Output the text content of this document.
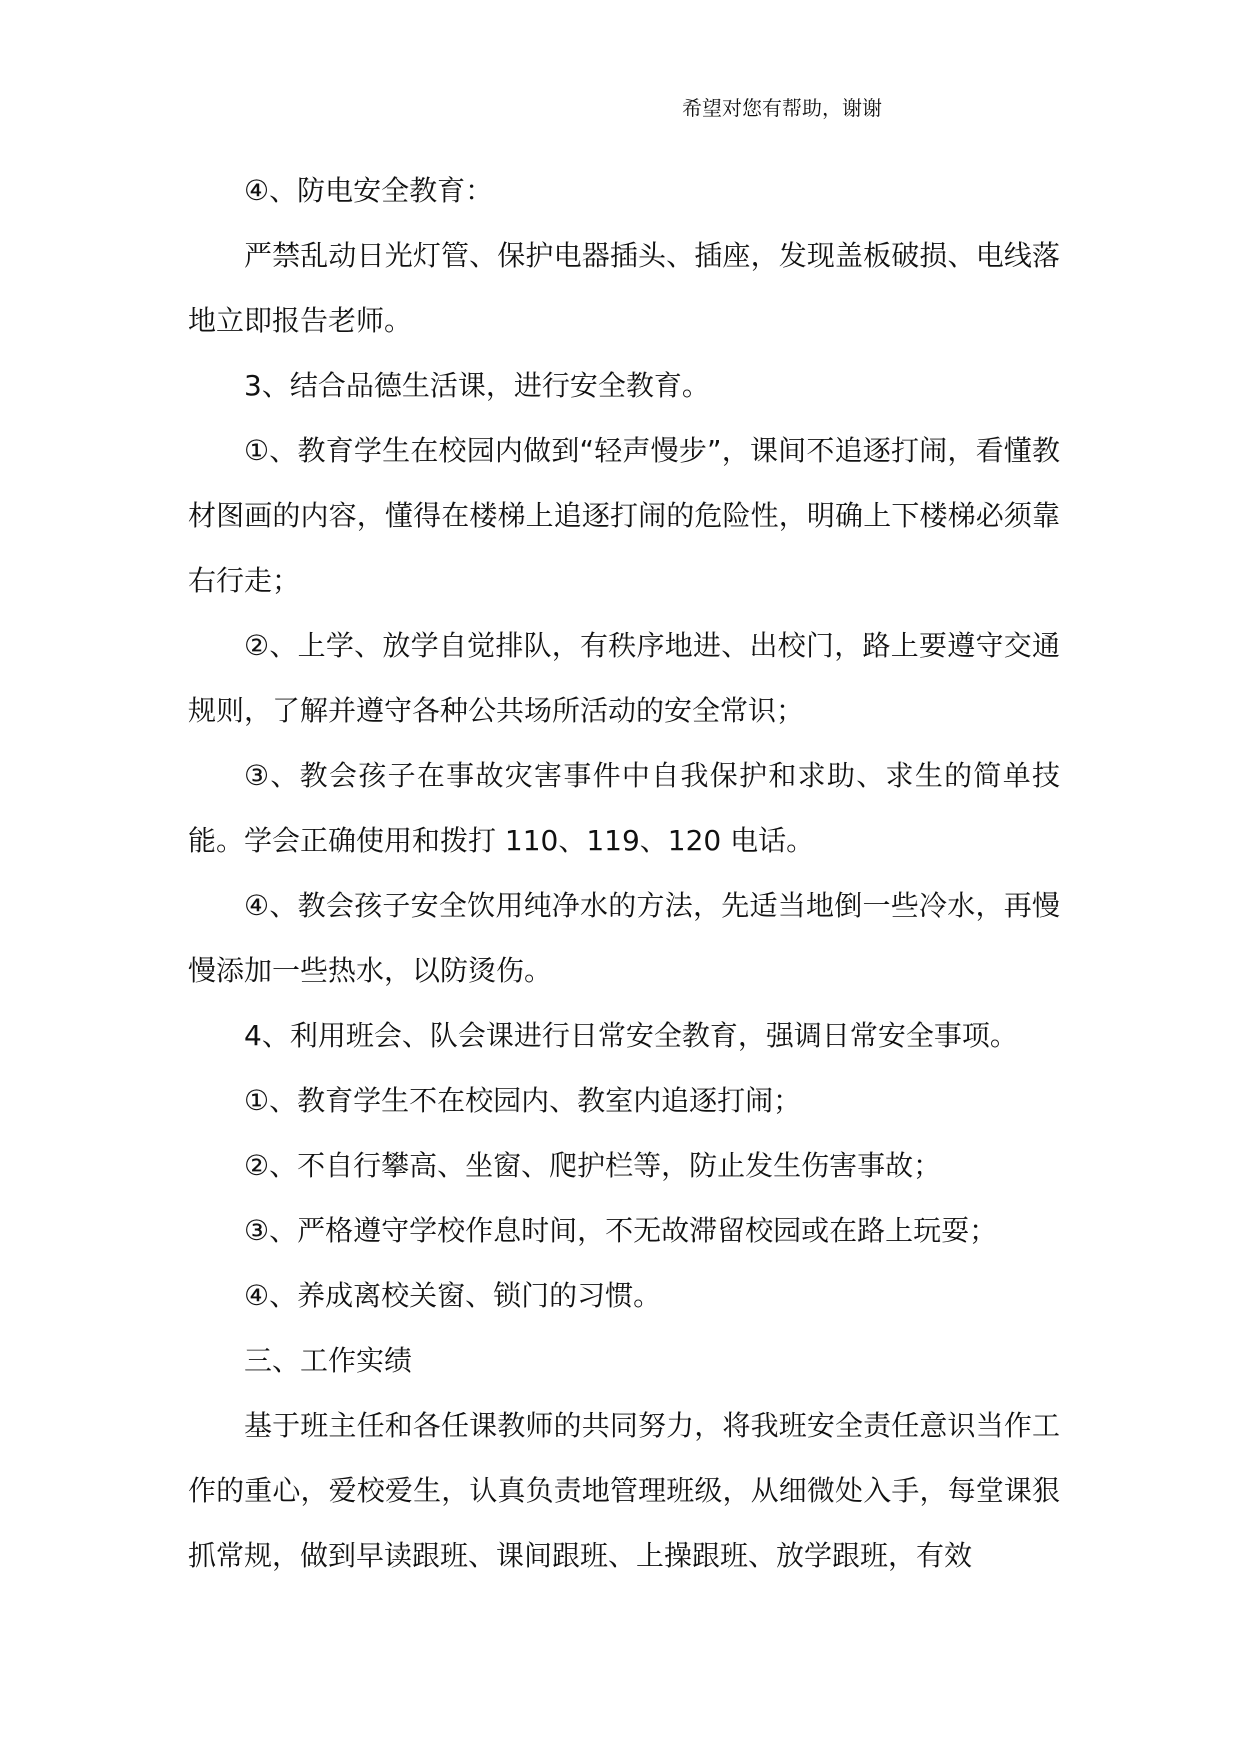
希望对您有帮助，谢谢

④、防电安全教育：

严禁乱动日光灯管、保护电器插头、插座，发现盖板破损、电线落地立即报告老师。

3、结合品德生活课，进行安全教育。

①、教育学生在校园内做到“轻声慢步”，课间不追逐打闹，看懂教材图画的内容，懂得在楼梯上追逐打闹的危险性，明确上下楼梯必须靠右行走；

②、上学、放学自觉排队，有秩序地进、出校门，路上要遵守交通规则，了解并遵守各种公共场所活动的安全常识；

③、教会孩子在事故灾害事件中自我保护和求助、求生的简单技能。学会正确使用和拨打 110、119、120 电话。

④、教会孩子安全饮用纯净水的方法，先适当地倒一些冷水，再慢慢添加一些热水，以防烫伤。

4、利用班会、队会课进行日常安全教育，强调日常安全事项。

①、教育学生不在校园内、教室内追逐打闹；

②、不自行攀高、坐窗、爬护栏等，防止发生伤害事故；

③、严格遵守学校作息时间，不无故滞留校园或在路上玩耍；

④、养成离校关窗、锁门的习惯。

三、工作实绩

基于班主任和各任课教师的共同努力，将我班安全责任意识当作工作的重心，爱校爱生，认真负责地管理班级，从细微处入手，每堂课狠抓常规，做到早读跟班、课间跟班、上操跟班、放学跟班，有效
